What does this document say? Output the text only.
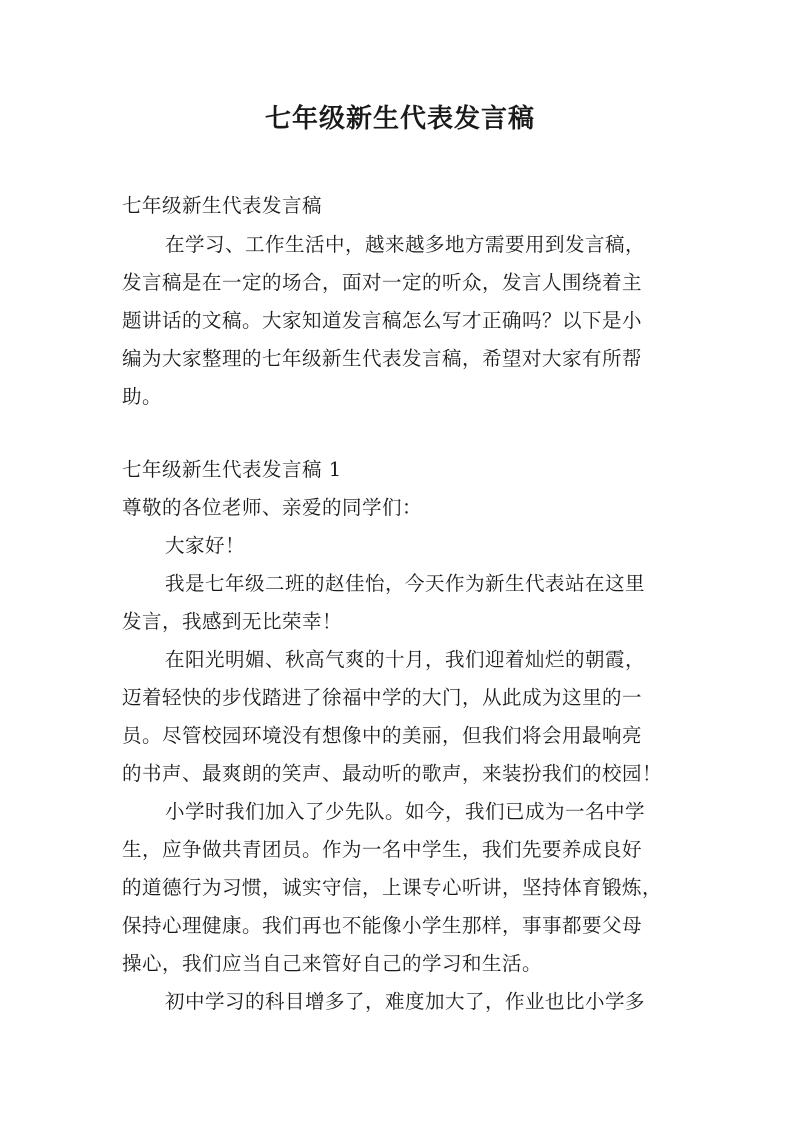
七年级新生代表发言稿
七年级新生代表发言稿
在学习、工作生活中，越来越多地方需要用到发言稿，
发言稿是在一定的场合，面对一定的听众，发言人围绕着主
题讲话的文稿。大家知道发言稿怎么写才正确吗？以下是小
编为大家整理的七年级新生代表发言稿，希望对大家有所帮
助。
七年级新生代表发言稿 1
尊敬的各位老师、亲爱的同学们：
大家好！
我是七年级二班的赵佳怡，今天作为新生代表站在这里
发言，我感到无比荣幸！
在阳光明媚、秋高气爽的十月，我们迎着灿烂的朝霞，
迈着轻快的步伐踏进了徐福中学的大门，从此成为这里的一
员。尽管校园环境没有想像中的美丽，但我们将会用最响亮
的书声、最爽朗的笑声、最动听的歌声，来装扮我们的校园！
小学时我们加入了少先队。如今，我们已成为一名中学
生，应争做共青团员。作为一名中学生，我们先要养成良好
的道德行为习惯，诚实守信，上课专心听讲，坚持体育锻炼，
保持心理健康。我们再也不能像小学生那样，事事都要父母
操心，我们应当自己来管好自己的学习和生活。
初中学习的科目增多了，难度加大了，作业也比小学多
